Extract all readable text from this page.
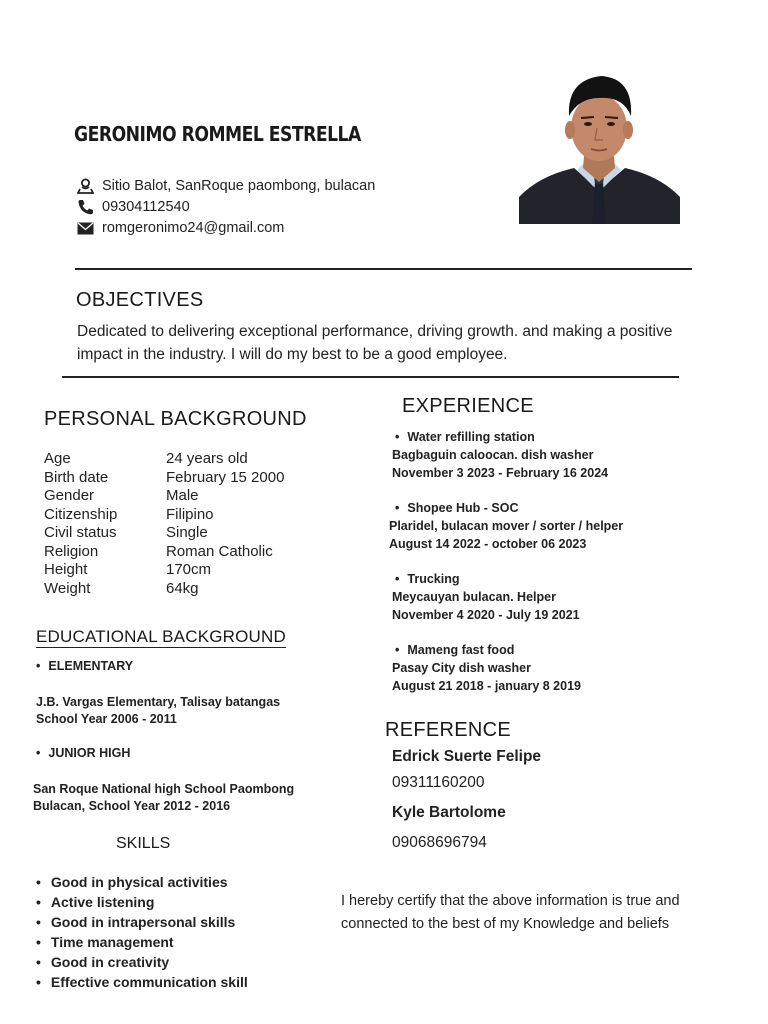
GERONIMO ROMMEL ESTRELLA
Sitio Balot, SanRoque paombong, bulacan
09304112540
romgeronimo24@gmail.com
OBJECTIVES
Dedicated to delivering exceptional performance, driving growth. and making a positive impact in the industry. I will do my best to be a good employee.
PERSONAL BACKGROUND
Age	24 years old
Birth date	February 15 2000
Gender	Male
Citizenship	Filipino
Civil status	Single
Religion	Roman Catholic
Height	170cm
Weight	64kg
EDUCATIONAL BACKGROUND
• ELEMENTARY
J.B. Vargas Elementary, Talisay batangas
School Year 2006 - 2011
• JUNIOR HIGH
San Roque National high School Paombong
Bulacan, School Year 2012 - 2016
SKILLS
• Good in physical activities
• Active listening
• Good in intrapersonal skills
• Time management
• Good in creativity
• Effective communication skill
EXPERIENCE
• Water refilling station
Bagbaguin caloocan. dish washer
November 3 2023 - February 16 2024
• Shopee Hub - SOC
Plaridel, bulacan mover / sorter / helper
August 14 2022 - october 06 2023
• Trucking
Meycauyan bulacan. Helper
November 4 2020 - July 19 2021
• Mameng fast food
Pasay City dish washer
August 21 2018 - january 8 2019
REFERENCE
Edrick Suerte Felipe
09311160200
Kyle Bartolome
09068696794
I hereby certify that the above information is true and connected to the best of my Knowledge and beliefs
